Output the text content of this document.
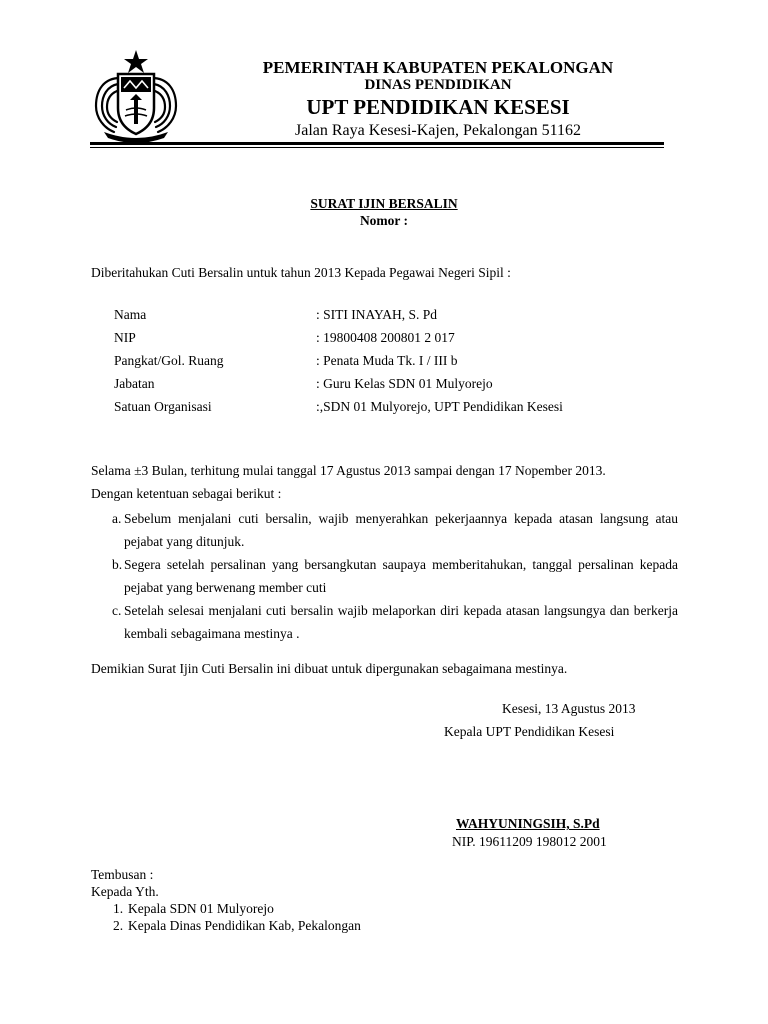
PEMERINTAH KABUPATEN PEKALONGAN
DINAS PENDIDIKAN
UPT PENDIDIKAN KESESI
Jalan Raya Kesesi-Kajen, Pekalongan 51162
SURAT IJIN BERSALIN
Nomor :
Diberitahukan Cuti Bersalin untuk tahun 2013 Kepada Pegawai Negeri Sipil :
Nama	: SITI INAYAH, S. Pd
NIP	: 19800408 200801 2 017
Pangkat/Gol. Ruang	: Penata Muda Tk. I / III b
Jabatan	: Guru Kelas SDN 01 Mulyorejo
Satuan Organisasi	:,SDN 01 Mulyorejo, UPT Pendidikan Kesesi
Selama ±3 Bulan, terhitung mulai tanggal 17 Agustus 2013 sampai dengan 17 Nopember 2013.
Dengan ketentuan sebagai berikut :
a. Sebelum menjalani cuti bersalin, wajib menyerahkan pekerjaannya kepada atasan langsung atau pejabat yang ditunjuk.
b. Segera setelah persalinan yang bersangkutan saupaya memberitahukan, tanggal persalinan kepada pejabat yang berwenang member cuti
c. Setelah selesai menjalani cuti bersalin wajib melaporkan diri kepada atasan langsungya dan berkerja kembali sebagaimana mestinya .
Demikian Surat Ijin Cuti Bersalin ini dibuat untuk dipergunakan sebagaimana mestinya.
Kesesi, 13 Agustus 2013
Kepala UPT Pendidikan Kesesi
WAHYUNINGSIH, S.Pd
NIP. 19611209 198012 2001
Tembusan :
Kepada Yth.
1. Kepala SDN 01 Mulyorejo
2. Kepala Dinas Pendidikan Kab, Pekalongan
